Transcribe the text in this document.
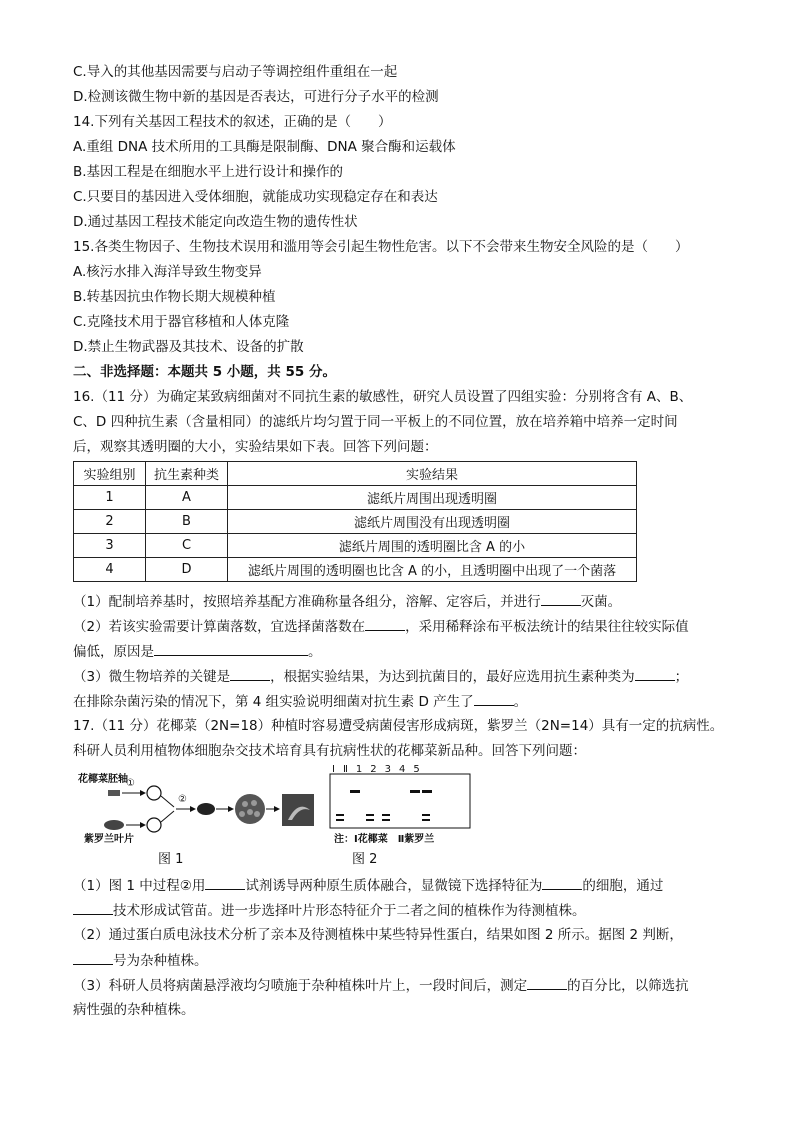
C.导入的其他基因需要与启动子等调控组件重组在一起
D.检测该微生物中新的基因是否表达，可进行分子水平的检测
14.下列有关基因工程技术的叙述，正确的是（　　）
A.重组 DNA 技术所用的工具酶是限制酶、DNA 聚合酶和运载体
B.基因工程是在细胞水平上进行设计和操作的
C.只要目的基因进入受体细胞，就能成功实现稳定存在和表达
D.通过基因工程技术能定向改造生物的遗传性状
15.各类生物因子、生物技术误用和滥用等会引起生物性危害。以下不会带来生物安全风险的是（　　）
A.核污水排入海洋导致生物变异
B.转基因抗虫作物长期大规模种植
C.克隆技术用于器官移植和人体克隆
D.禁止生物武器及其技术、设备的扩散
二、非选择题：本题共 5 小题，共 55 分。
16.（11 分）为确定某致病细菌对不同抗生素的敏感性，研究人员设置了四组实验：分别将含有 A、B、
C、D 四种抗生素（含量相同）的滤纸片均匀置于同一平板上的不同位置，放在培养箱中培养一定时间
后，观察其透明圈的大小，实验结果如下表。回答下列问题：
实验组别	抗生素种类	实验结果
1	A	滤纸片周围出现透明圈
2	B	滤纸片周围没有出现透明圈
3	C	滤纸片周围的透明圈比含 A 的小
4	D	滤纸片周围的透明圈也比含 A 的小，且透明圈中出现了一个菌落
（1）配制培养基时，按照培养基配方准确称量各组分，溶解、定容后，并进行	灭菌。
（2）若该实验需要计算菌落数，宜选择菌落数在	，采用稀释涂布平板法统计的结果往往较实际值
偏低，原因是	。
（3）微生物培养的关键是	，根据实验结果，为达到抗菌目的，最好应选用抗生素种类为	；
在排除杂菌污染的情况下，第 4 组实验说明细菌对抗生素 D 产生了	。
17.（11 分）花椰菜（2N=18）种植时容易遭受病菌侵害形成病斑，紫罗兰（2N=14）具有一定的抗病性。
科研人员利用植物体细胞杂交技术培育具有抗病性状的花椰菜新品种。回答下列问题：
花椰菜胚轴
紫罗兰叶片
①
②
图 1
Ⅰ Ⅱ 1 2 3 4 5
注：Ⅰ花椰菜　Ⅱ紫罗兰
图 2
（1）图 1 中过程②用	试剂诱导两种原生质体融合，显微镜下选择特征为	的细胞，通过
技术形成试管苗。进一步选择叶片形态特征介于二者之间的植株作为待测植株。
（2）通过蛋白质电泳技术分析了亲本及待测植株中某些特异性蛋白，结果如图 2 所示。据图 2 判断，
号为杂种植株。
（3）科研人员将病菌悬浮液均匀喷施于杂种植株叶片上，一段时间后，测定	的百分比，以筛选抗
病性强的杂种植株。
